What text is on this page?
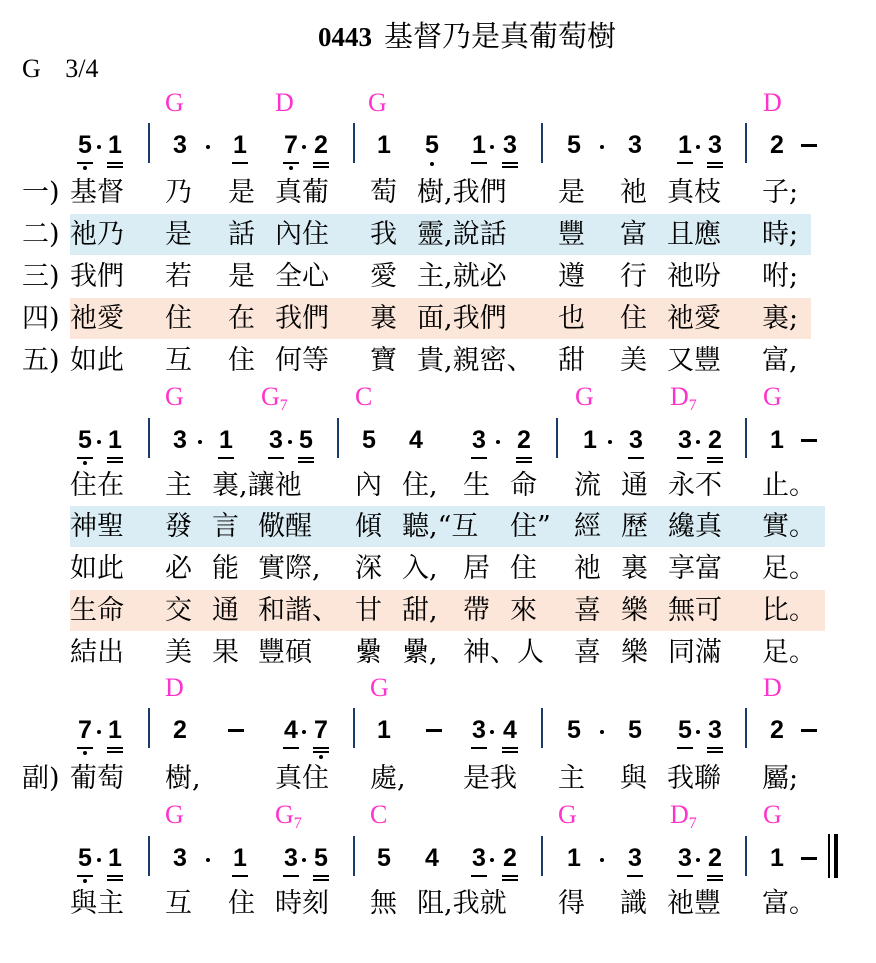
0443 基督乃是真葡萄樹
G 3/4
G	D	G	D
5 1 3 1 7 2 1 5 1 3 5 3 1 3 2
一) 基督 乃 是 真葡 萄 樹,我們 是 祂 真枝 子;
二) 祂乃 是 話 內住 我 靈,說話 豐 富 且應 時;
三) 我們 若 是 全心 愛 主,就必 遵 行 祂吩 咐;
四) 祂愛 住 在 我們 裏 面,我們 也 住 祂愛 裏;
五) 如此 互 住 何等 寶 貴,親密、 甜 美 又豐 富,
G	$G_7$	C	G	$D_7$	G
5 1 3 1 3 5 5 4 3 2 1 3 3 2 1
住在 主 裏,讓祂 內 住, 生 命 流 通 永不 止。
神聖 發 言 儆醒 傾 聽,“互 住” 經 歷 纔真 實。
如此 必 能 實際, 深 入, 居 住 祂 裏 享富 足。
生命 交 通 和諧、 甘 甜, 帶 來 喜 樂 無可 比。
結出 美 果 豐碩 纍 纍, 神、人 喜 樂 同滿 足。
D	G	D
7 1 2	4 7 1	3 4 5 5 5 3 2
副) 葡萄 樹,	真住 處, 是我 主 與 我聯 屬;
G	$G_7$	C	G	$D_7$	G
5 1 3 1 3 5 5 4 3 2 1 3 3 2 1
與主 互 住 時刻 無 阻,我就 得 識 祂豐 富。
